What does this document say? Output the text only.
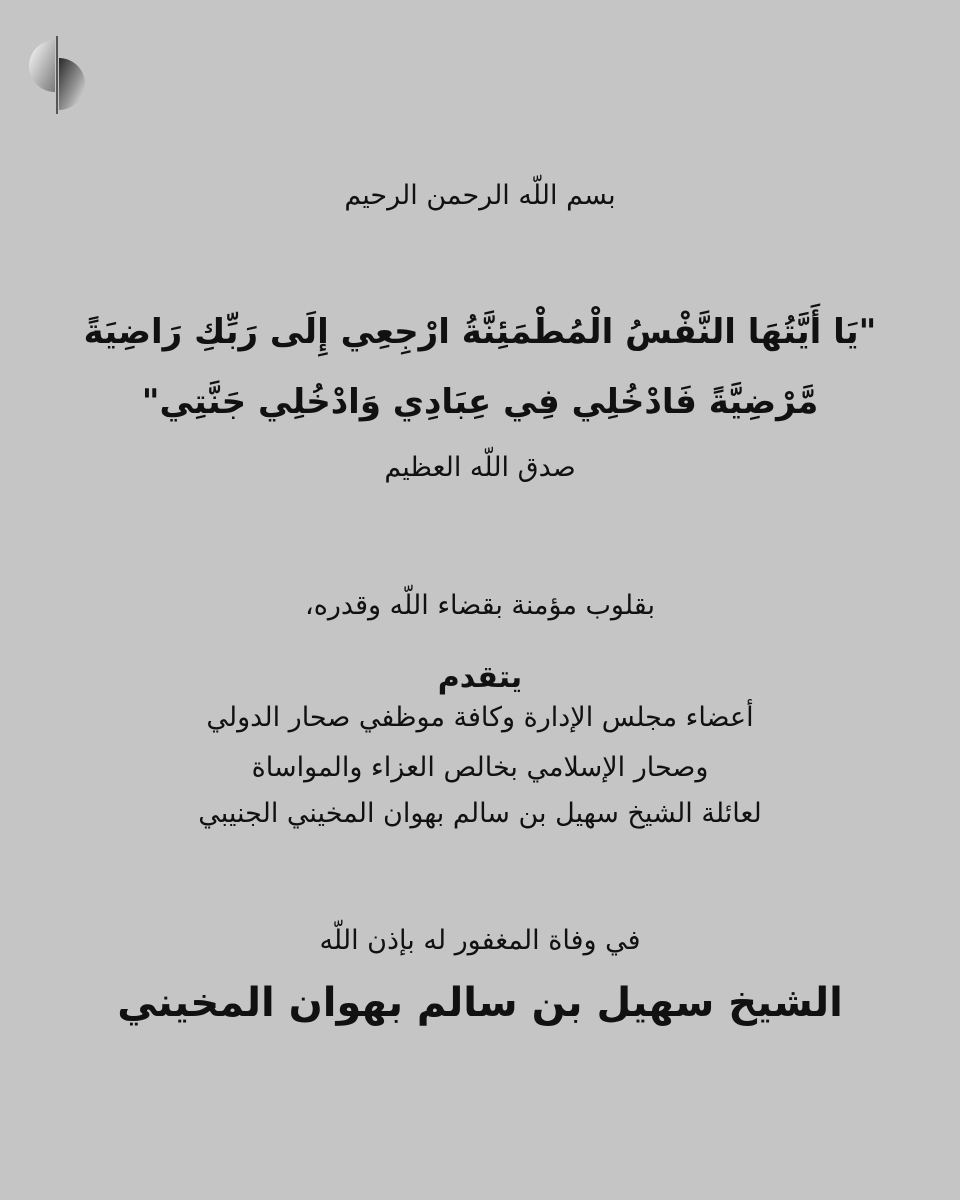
بسم اللّه الرحمن الرحيم
"يَا أَيَّتُهَا النَّفْسُ الْمُطْمَئِنَّةُ ارْجِعِي إِلَى رَبِّكِ رَاضِيَةً
مَّرْضِيَّةً فَادْخُلِي فِي عِبَادِي وَادْخُلِي جَنَّتِي"
صدق اللّه العظيم
بقلوب مؤمنة بقضاء اللّه وقدره،
يتقدم
أعضاء مجلس الإدارة وكافة موظفي صحار الدولي
وصحار الإسلامي بخالص العزاء والمواساة
لعائلة الشيخ سهيل بن سالم بهوان المخيني الجنيبي
في وفاة المغفور له بإذن اللّه
الشيخ سهيل بن سالم بهوان المخيني
